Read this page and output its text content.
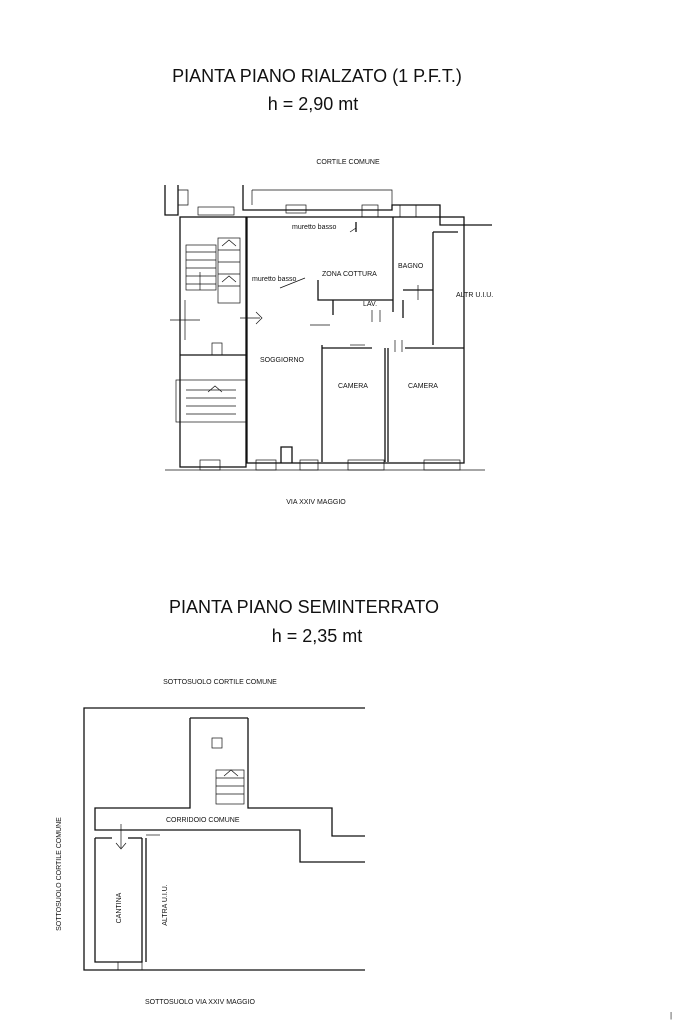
PIANTA PIANO RIALZATO (1 P.F.T.)
h = 2,90 mt
CORTILE COMUNE
muretto basso
muretto basso
ZONA COTTURA
BAGNO
LAV.
ALTR U.I.U.
SOGGIORNO
CAMERA	CAMERA
VIA XXIV MAGGIO
PIANTA PIANO SEMINTERRATO
h = 2,35 mt
SOTTOSUOLO CORTILE COMUNE
CORRIDOIO COMUNE
SOTTOSUOLO CORTILE COMUNE	CANTINA	ALTRA U.I.U.
SOTTOSUOLO VIA XXIV MAGGIO
|
